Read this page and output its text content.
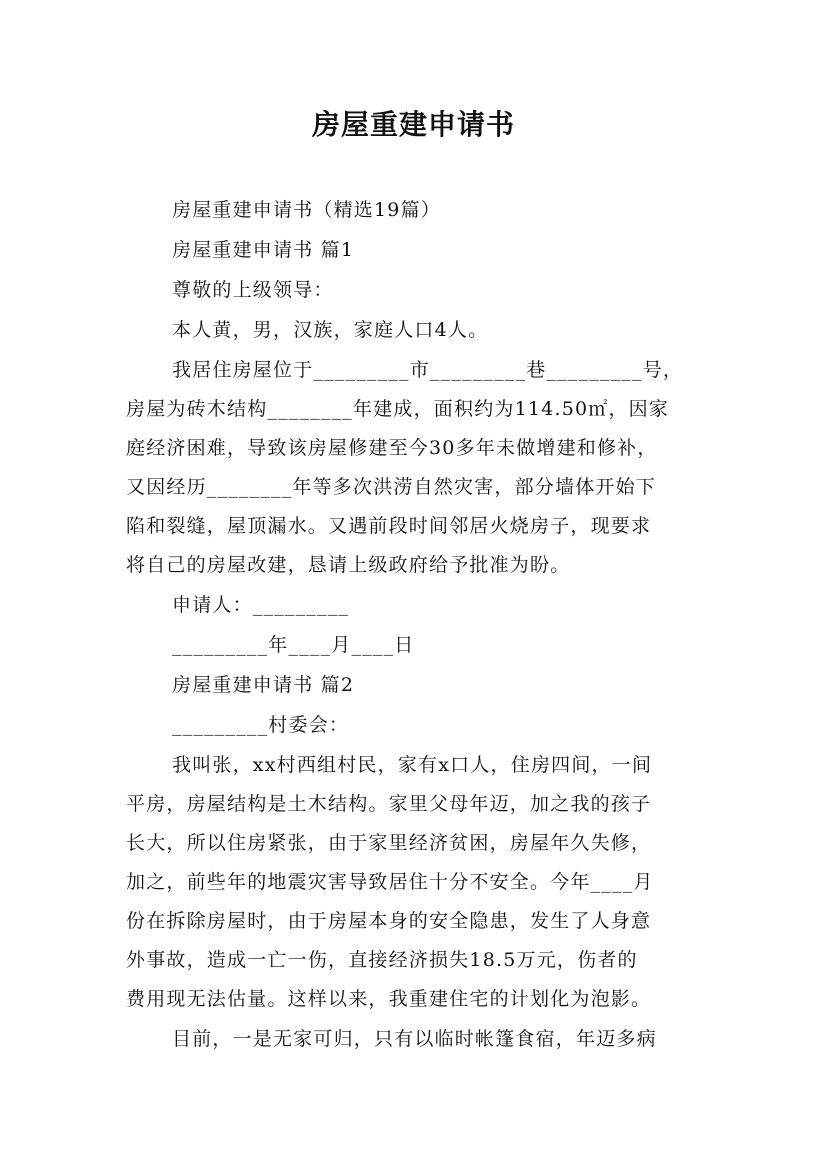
房屋重建申请书
房屋重建申请书（精选19篇）
房屋重建申请书 篇1
尊敬的上级领导：
本人黄，男，汉族，家庭人口4人。
我居住房屋位于_________市_________巷_________号，
房屋为砖木结构________年建成，面积约为114.50㎡，因家
庭经济困难，导致该房屋修建至今30多年未做增建和修补，
又因经历________年等多次洪涝自然灾害，部分墙体开始下
陷和裂缝，屋顶漏水。又遇前段时间邻居火烧房子，现要求
将自己的房屋改建，恳请上级政府给予批准为盼。
申请人：_________
_________年____月____日
房屋重建申请书 篇2
_________村委会：
我叫张，xx村西组村民，家有x口人，住房四间，一间
平房，房屋结构是土木结构。家里父母年迈，加之我的孩子
长大，所以住房紧张，由于家里经济贫困，房屋年久失修，
加之，前些年的地震灾害导致居住十分不安全。今年____月
份在拆除房屋时，由于房屋本身的安全隐患，发生了人身意
外事故，造成一亡一伤，直接经济损失18.5万元，伤者的
费用现无法估量。这样以来，我重建住宅的计划化为泡影。
目前，一是无家可归，只有以临时帐篷食宿，年迈多病
